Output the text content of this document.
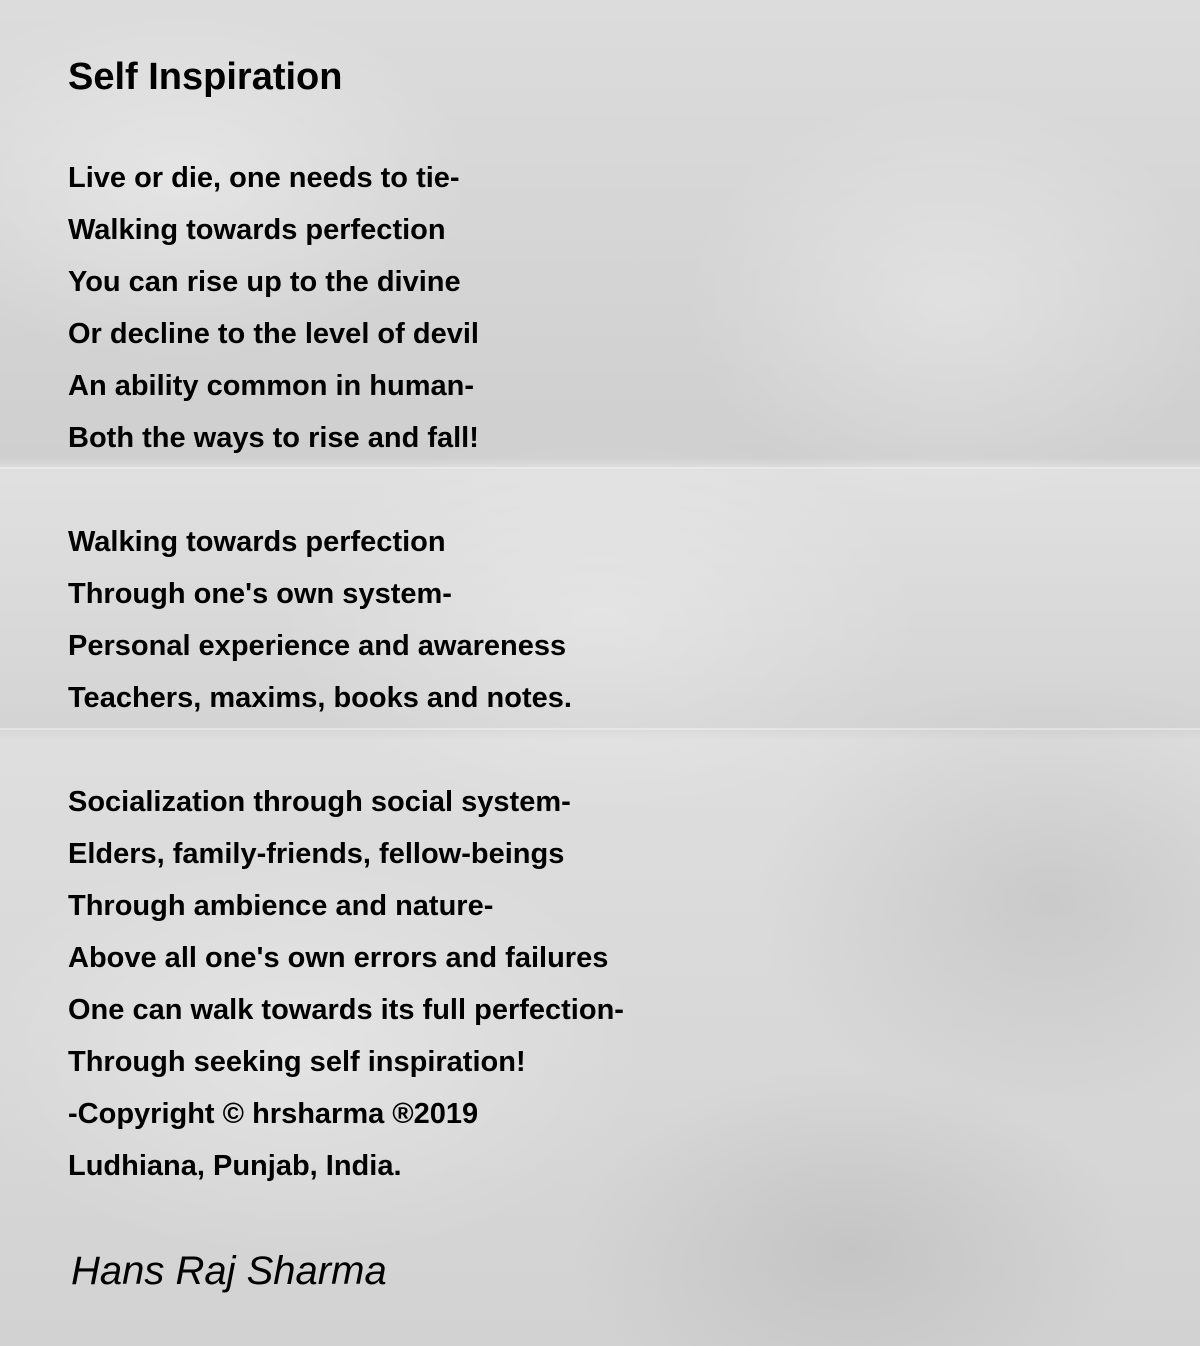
Self Inspiration
Live or die, one needs to tie-
Walking towards perfection
You can rise up to the divine
Or decline to the level of devil
An ability common in human-
Both the ways to rise and fall!
Walking towards perfection
Through one's own system-
Personal experience and awareness
Teachers, maxims, books and notes.
Socialization through social system-
Elders, family-friends, fellow-beings
Through ambience and nature-
Above all one's own errors and failures
One can walk towards its full perfection-
Through seeking self inspiration!
-Copyright © hrsharma ®2019
Ludhiana, Punjab, India.
Hans Raj Sharma
